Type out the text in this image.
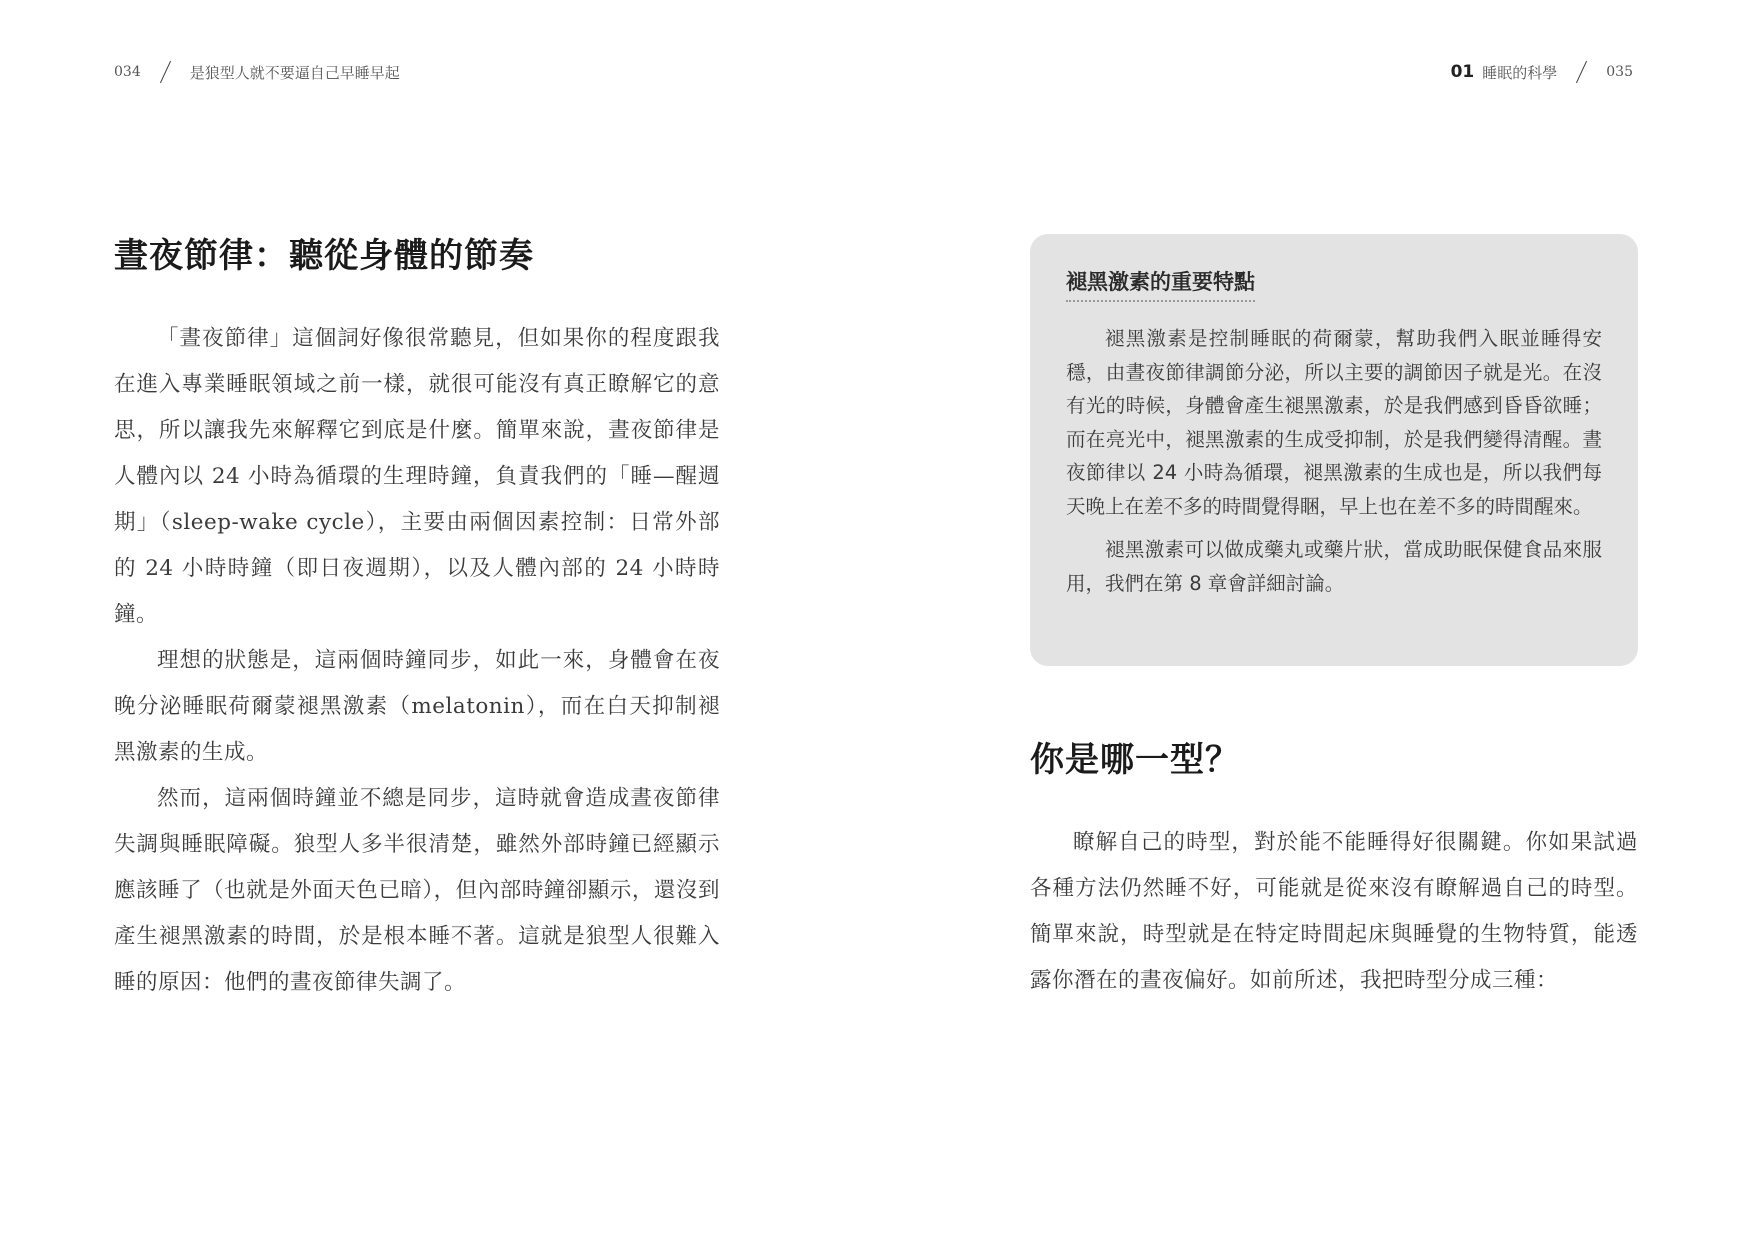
034	是狼型人就不要逼自己早睡早起
晝夜節律：聽從身體的節奏

「晝夜節律」這個詞好像很常聽見，但如果你的程度跟我在進入專業睡眠領域之前一樣，就很可能沒有真正瞭解它的意思，所以讓我先來解釋它到底是什麼。簡單來說，晝夜節律是人體內以 24 小時為循環的生理時鐘，負責我們的「睡—醒週期」（sleep-wake cycle），主要由兩個因素控制：日常外部的 24 小時時鐘（即日夜週期），以及人體內部的 24 小時時鐘。

理想的狀態是，這兩個時鐘同步，如此一來，身體會在夜晚分泌睡眠荷爾蒙褪黑激素（melatonin），而在白天抑制褪黑激素的生成。

然而，這兩個時鐘並不總是同步，這時就會造成晝夜節律失調與睡眠障礙。狼型人多半很清楚，雖然外部時鐘已經顯示應該睡了（也就是外面天色已暗），但內部時鐘卻顯示，還沒到產生褪黑激素的時間，於是根本睡不著。這就是狼型人很難入睡的原因：他們的晝夜節律失調了。

01 睡眠的科學	035
褪黑激素的重要特點

褪黑激素是控制睡眠的荷爾蒙，幫助我們入眠並睡得安穩，由晝夜節律調節分泌，所以主要的調節因子就是光。在沒有光的時候，身體會產生褪黑激素，於是我們感到昏昏欲睡；而在亮光中，褪黑激素的生成受抑制，於是我們變得清醒。晝夜節律以 24 小時為循環，褪黑激素的生成也是，所以我們每天晚上在差不多的時間覺得睏，早上也在差不多的時間醒來。

褪黑激素可以做成藥丸或藥片狀，當成助眠保健食品來服用，我們在第 8 章會詳細討論。

你是哪一型？

瞭解自己的時型，對於能不能睡得好很關鍵。你如果試過各種方法仍然睡不好，可能就是從來沒有瞭解過自己的時型。簡單來說，時型就是在特定時間起床與睡覺的生物特質，能透露你潛在的晝夜偏好。如前所述，我把時型分成三種：
